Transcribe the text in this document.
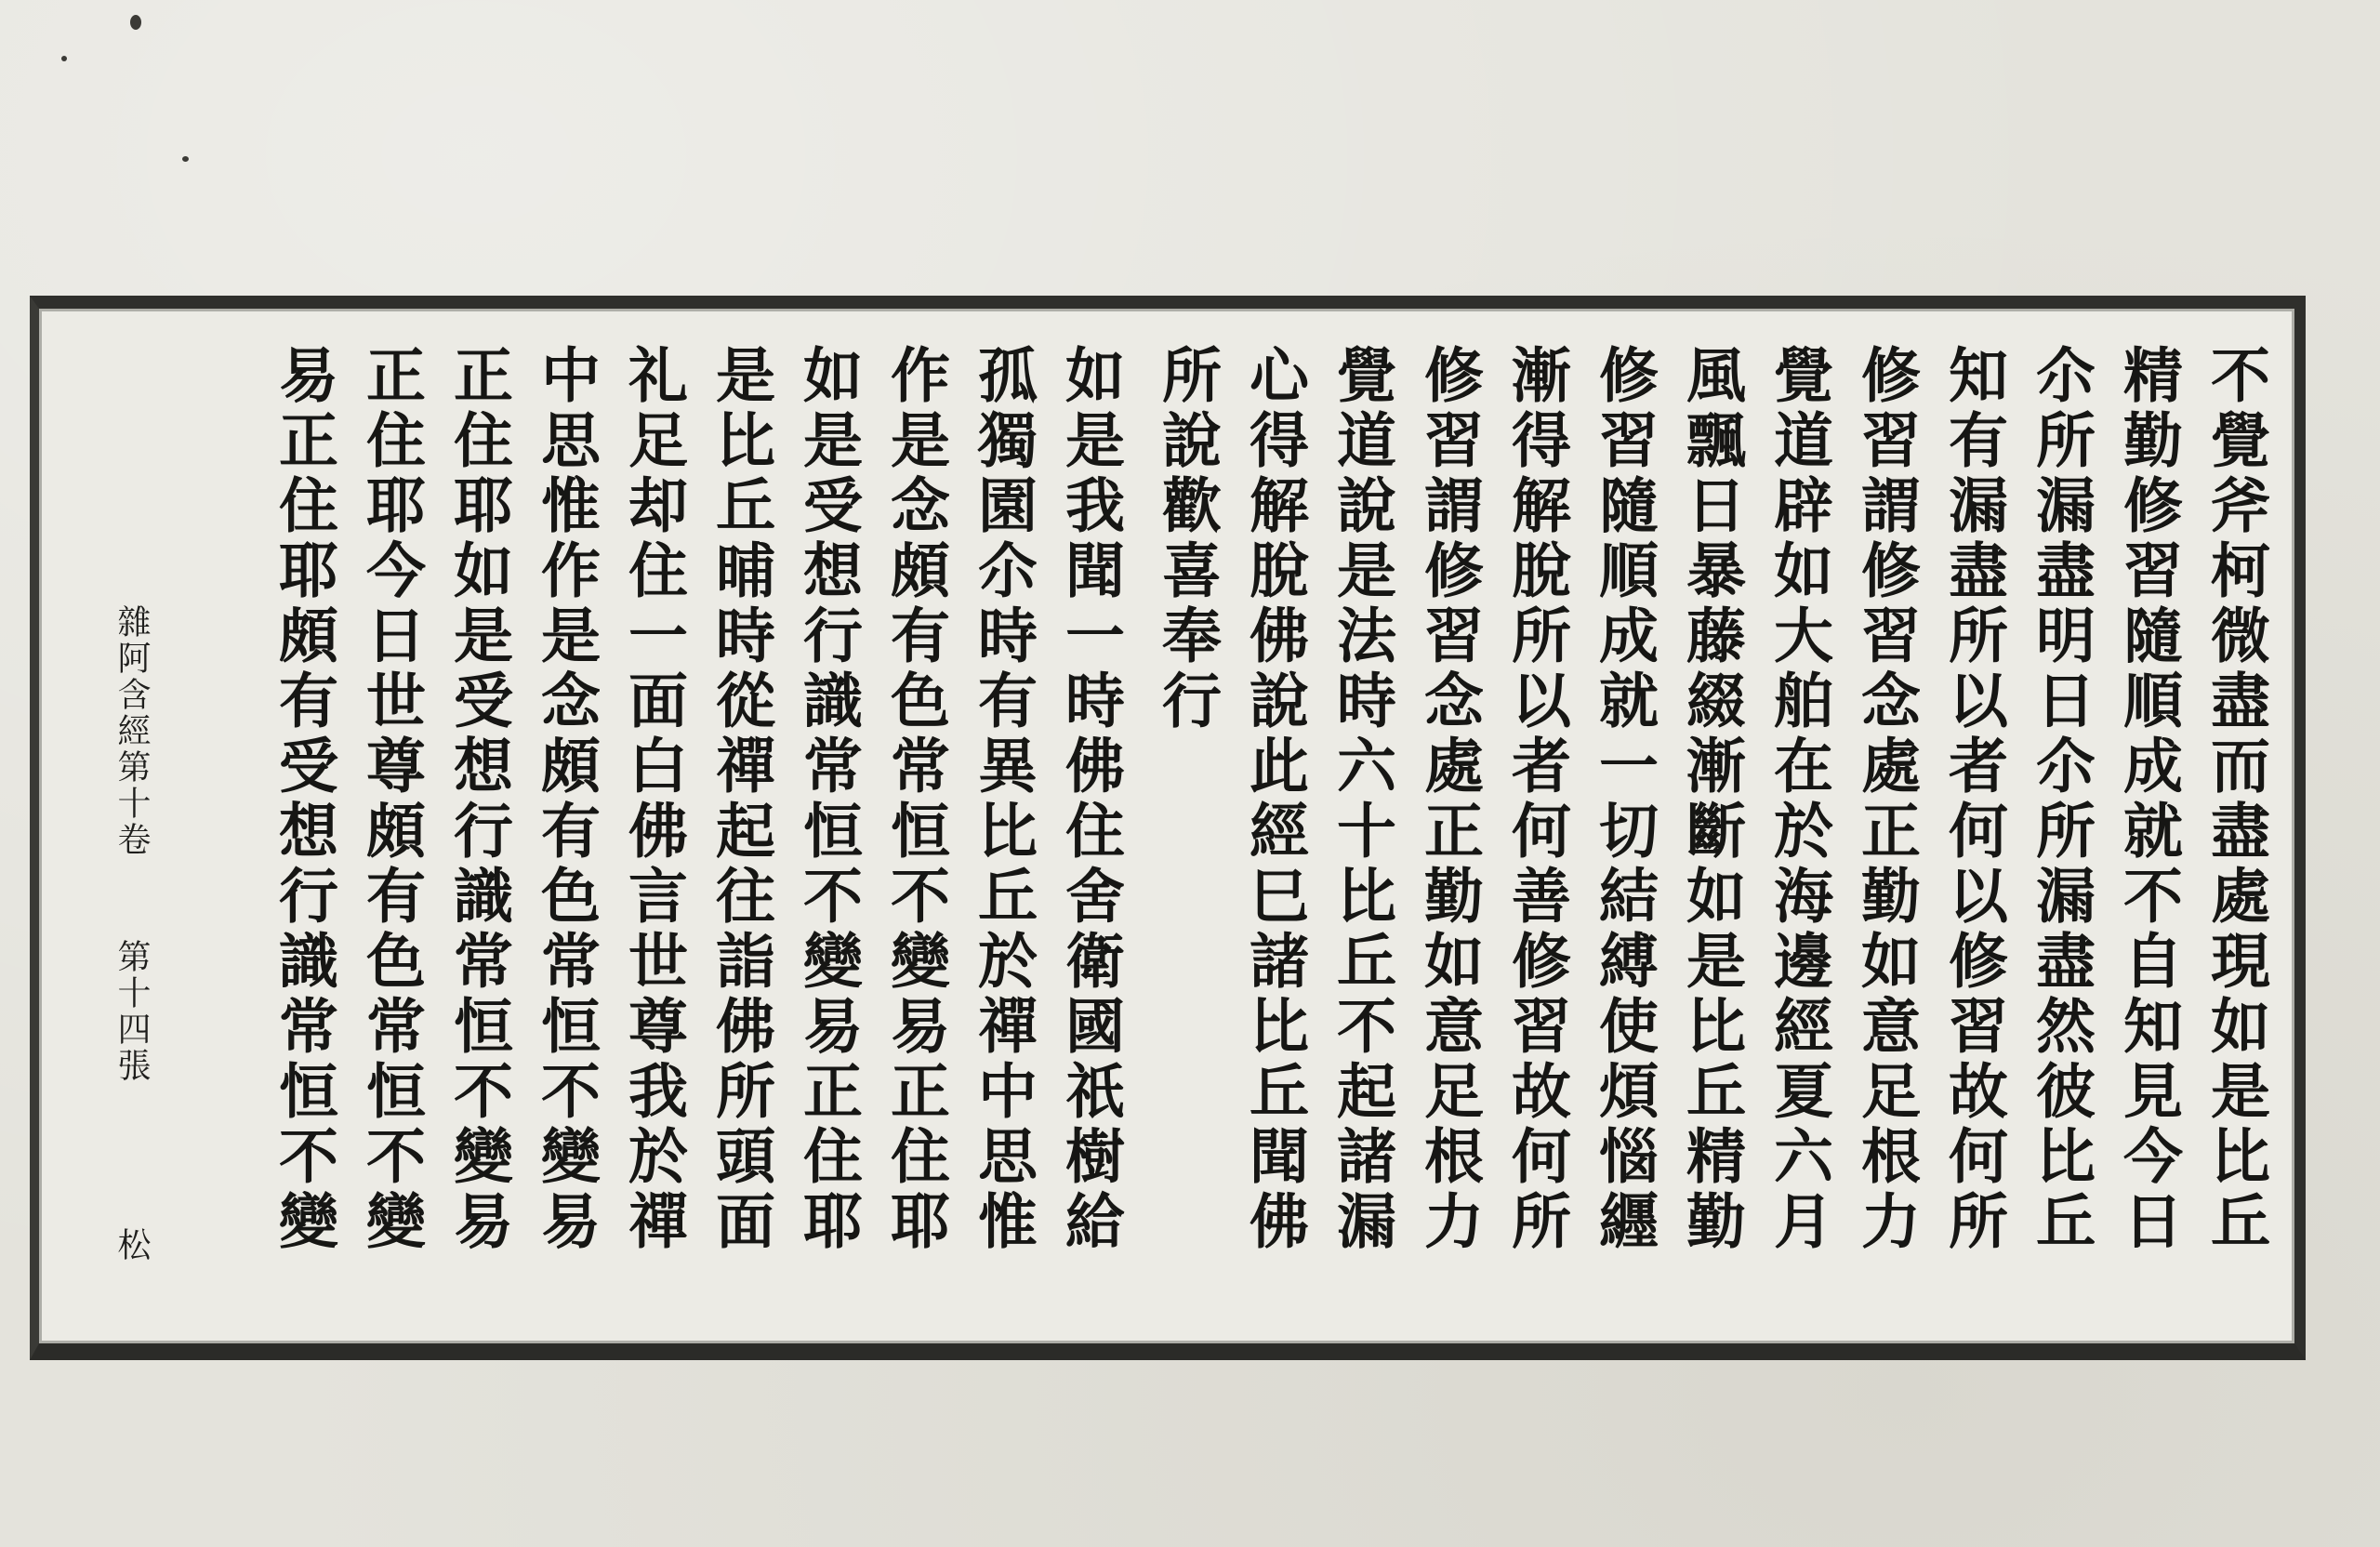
不覺斧柯微盡而盡處現如是比丘
精勤修習隨順成就不自知見今日
尒所漏盡明日尒所漏盡然彼比丘
知有漏盡所以者何以修習故何所
修習謂修習念處正勤如意足根力
覺道辟如大舶在於海邊經夏六月
風飄日暴藤綴漸斷如是比丘精勤
修習隨順成就一切結縛使煩惱纒
漸得解脫所以者何善修習故何所
修習謂修習念處正勤如意足根力
覺道說是法時六十比丘不起諸漏
心得解脫佛說此經巳諸比丘聞佛
所說歡喜奉行
如是我聞一時佛住舍衛國祇樹給
孤獨園尒時有異比丘於禪中思惟
作是念頗有色常恒不變易正住耶
如是受想行識常恒不變易正住耶
是比丘晡時從禪起往詣佛所頭面
礼足却住一面白佛言世尊我於禪
中思惟作是念頗有色常恒不變易
正住耶如是受想行識常恒不變易
正住耶今日世尊頗有色常恒不變
易正住耶頗有受想行識常恒不變
雜阿含經第十卷
第十四張
松
